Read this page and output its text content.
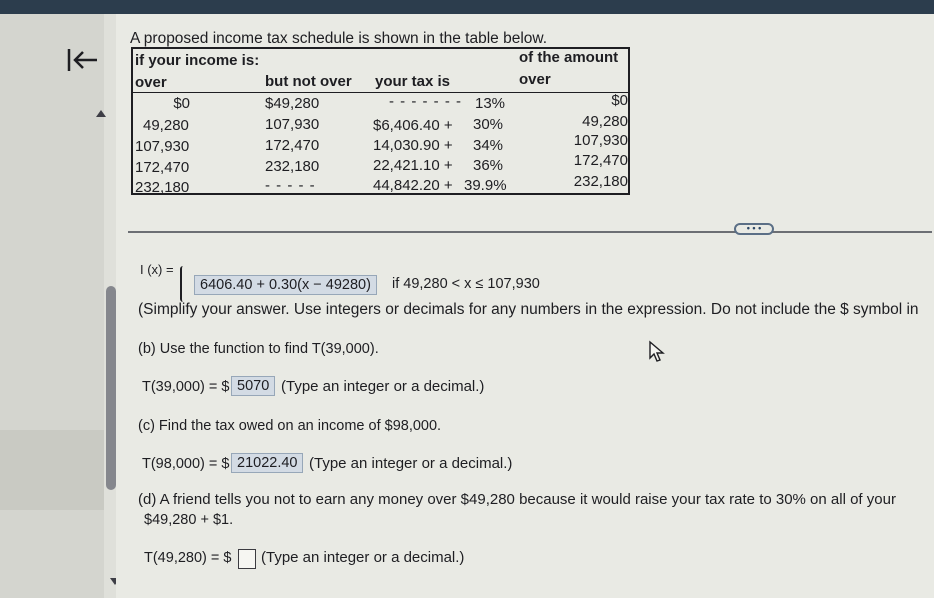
A proposed income tax schedule is shown in the table below.
if your income is:	of the amount
over	but not over your tax is	over
$0	$49,280	- - - - - - - 13%	$0
49,280	107,930	$6,406.40 + 30%	49,280
107,930	172,470	14,030.90 + 34%	107,930
172,470	232,180	22,421.10 + 36%	172,470
232,180	- - - - -	44,842.20 + 39.9%	232,180
• • •
I (x) =
6406.40 + 0.30(x − 49280)	if 49,280 < x ≤ 107,930
(Simplify your answer. Use integers or decimals for any numbers in the expression. Do not include the $ symbol in
(b) Use the function to find T(39,000).
T(39,000) = $ 5070 (Type an integer or a decimal.)
(c) Find the tax owed on an income of $98,000.
T(98,000) = $ 21022.40 (Type an integer or a decimal.)
(d) A friend tells you not to earn any money over $49,280 because it would raise your tax rate to 30% on all of your
$49,280 + $1.
T(49,280) = $ (Type an integer or a decimal.)
